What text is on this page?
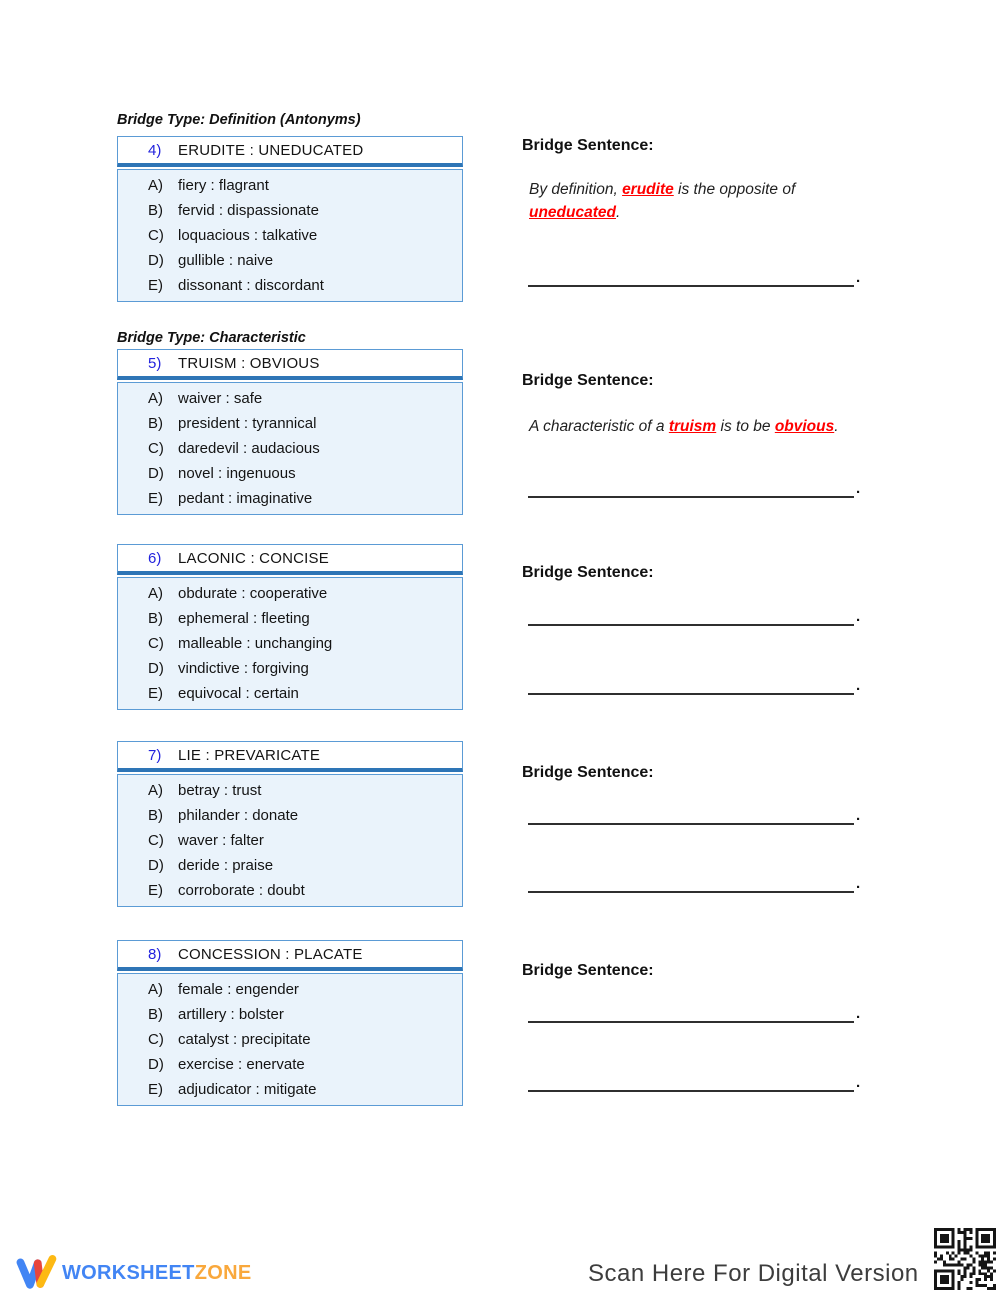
Bridge Type: Definition (Antonyms)
4)	ERUDITE : UNEDUCATED
A)	fiery : flagrant
B)	fervid : dispassionate
C) loquacious : talkative
D) gullible : naive
E)	dissonant : discordant
Bridge Sentence:
By definition, erudite is the opposite of uneducated.
.
Bridge Type: Characteristic
5)	TRUISM : OBVIOUS
A)	waiver : safe
B)	president : tyrannical
C) daredevil : audacious
D) novel : ingenuous
E)	pedant : imaginative
Bridge Sentence:
A characteristic of a truism is to be obvious.
.
6)	LACONIC : CONCISE
A)	obdurate : cooperative
B)	ephemeral : fleeting
C) malleable : unchanging
D) vindictive : forgiving
E)	equivocal : certain
Bridge Sentence:
.
.
7)	LIE : PREVARICATE
A)	betray : trust
B)	philander : donate
C) waver : falter
D) deride : praise
E)	corroborate : doubt
Bridge Sentence:
.
.
8)	CONCESSION : PLACATE
A)	female : engender
B)	artillery : bolster
C) catalyst : precipitate
D) exercise : enervate
E)	adjudicator : mitigate
Bridge Sentence:
.
.
WORKSHEETZONE	Scan Here For Digital Version
